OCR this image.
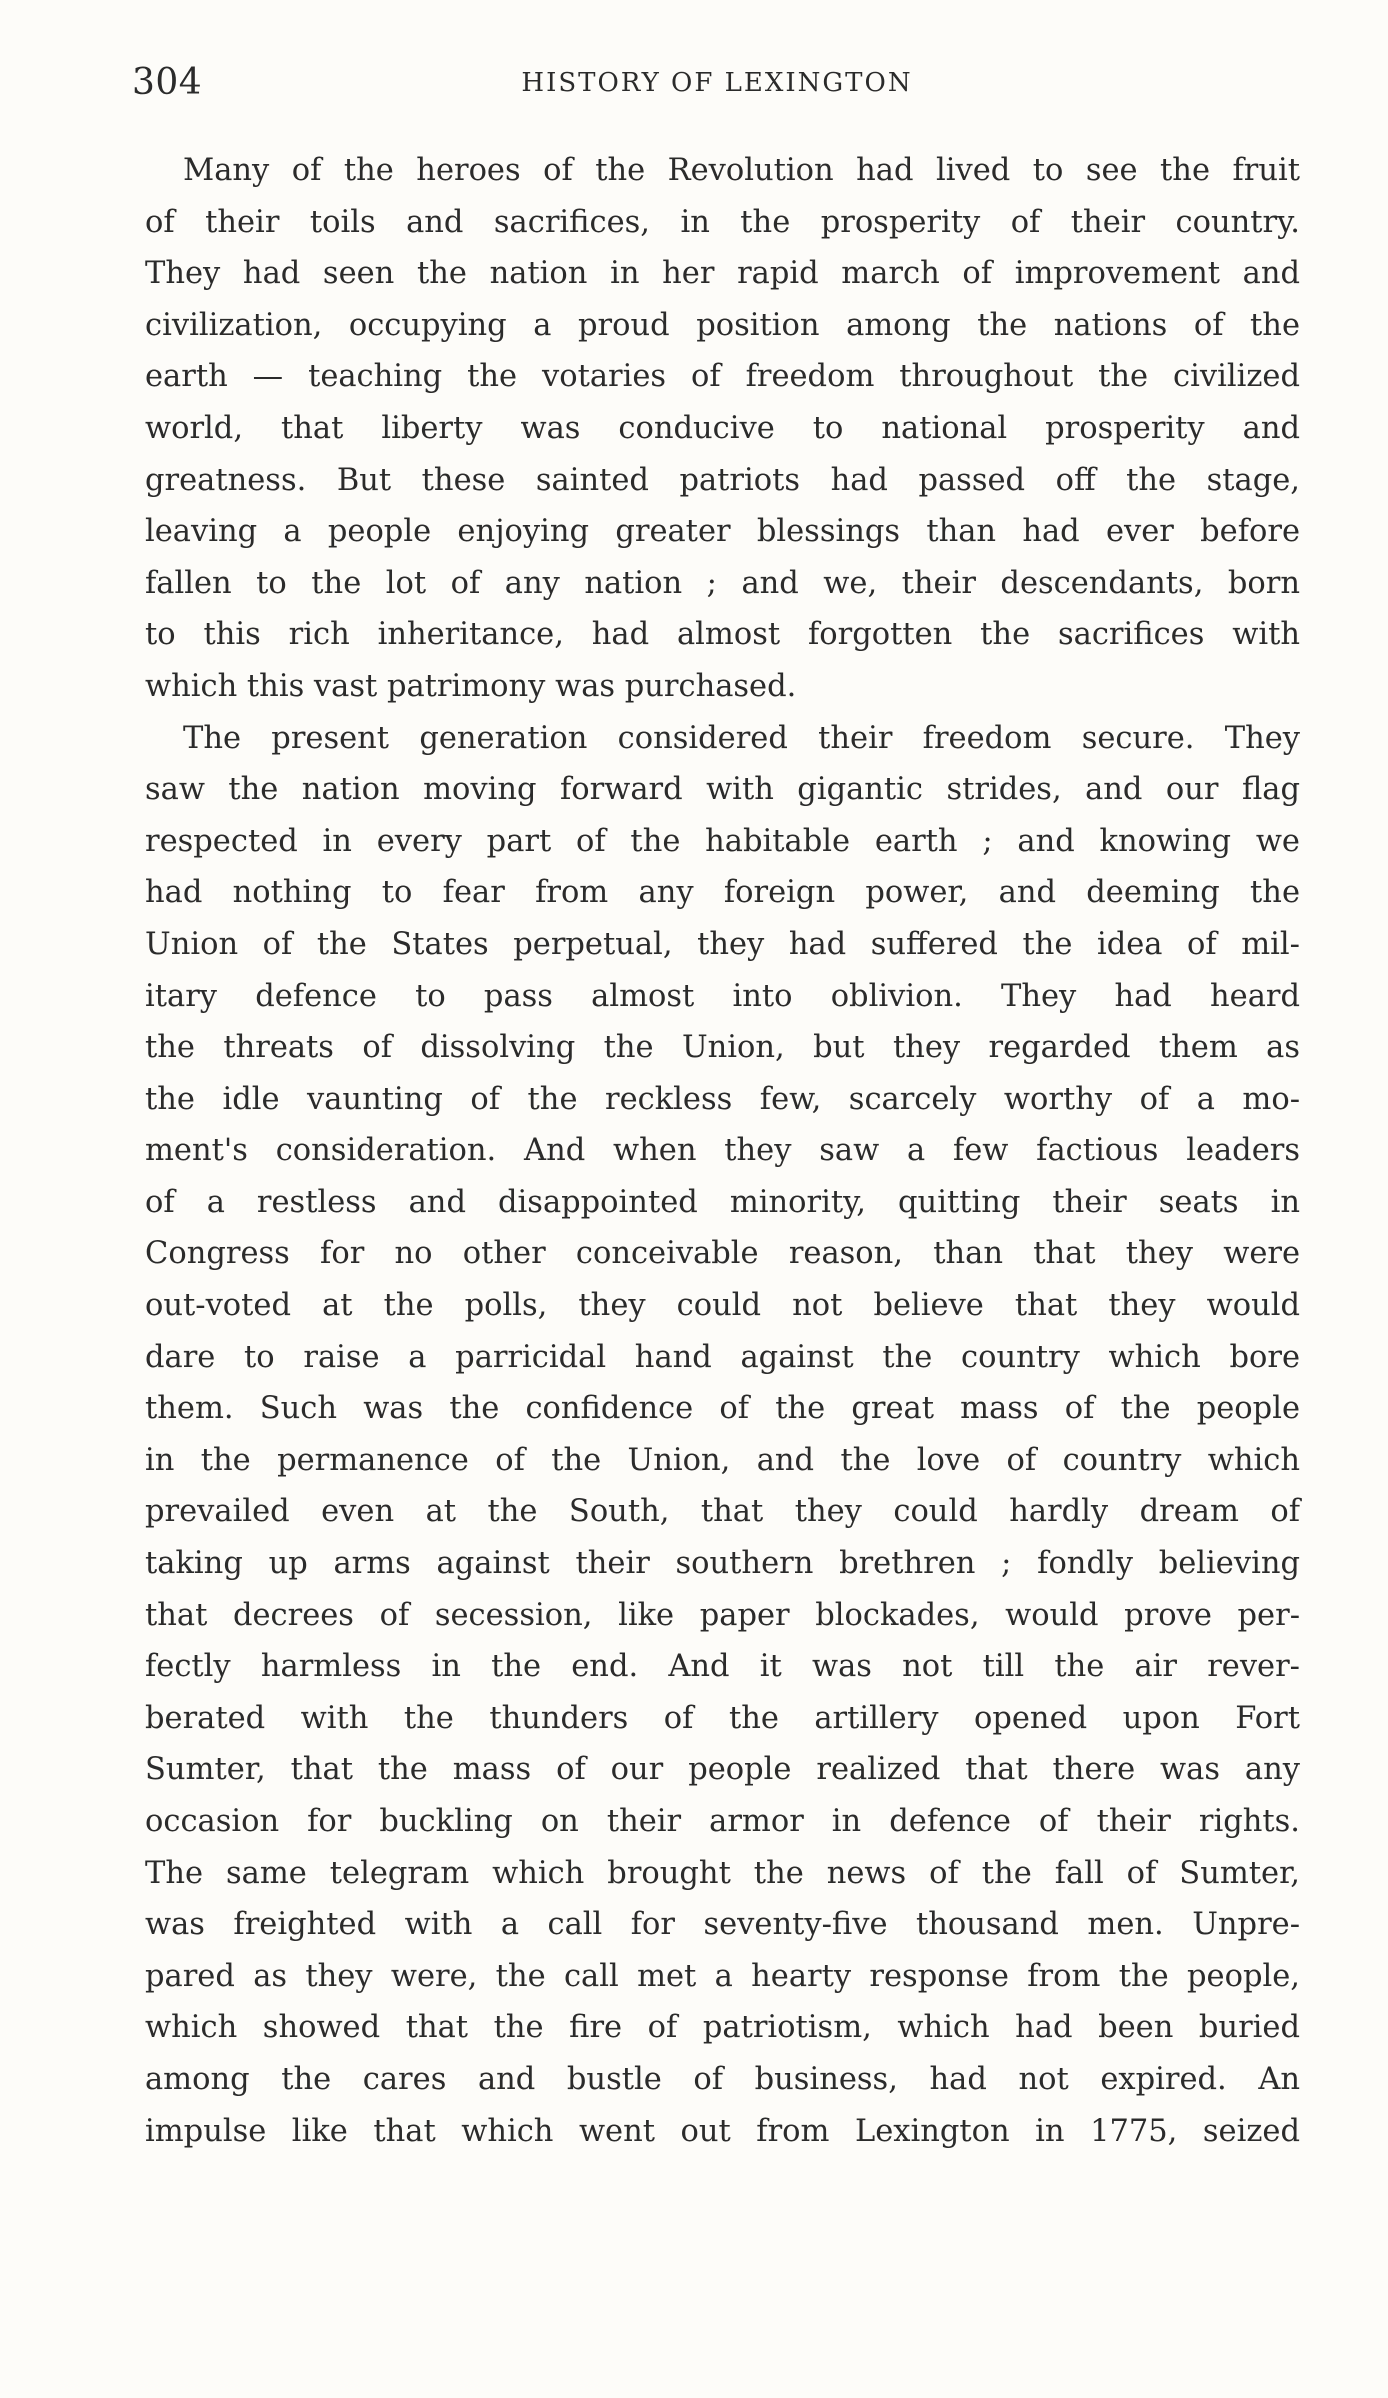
304	HISTORY OF LEXINGTON
Many of the heroes of the Revolution had lived to see the fruit
of their toils and sacrifices, in the prosperity of their country.
They had seen the nation in her rapid march of improvement and
civilization, occupying a proud position among the nations of the
earth — teaching the votaries of freedom throughout the civilized
world, that liberty was conducive to national prosperity and
greatness. But these sainted patriots had passed off the stage,
leaving a people enjoying greater blessings than had ever before
fallen to the lot of any nation ; and we, their descendants, born
to this rich inheritance, had almost forgotten the sacrifices with
which this vast patrimony was purchased.
The present generation considered their freedom secure. They
saw the nation moving forward with gigantic strides, and our flag
respected in every part of the habitable earth ; and knowing we
had nothing to fear from any foreign power, and deeming the
Union of the States perpetual, they had suffered the idea of mil-
itary defence to pass almost into oblivion. They had heard
the threats of dissolving the Union, but they regarded them as
the idle vaunting of the reckless few, scarcely worthy of a mo-
ment's consideration. And when they saw a few factious leaders
of a restless and disappointed minority, quitting their seats in
Congress for no other conceivable reason, than that they were
out-voted at the polls, they could not believe that they would
dare to raise a parricidal hand against the country which bore
them. Such was the confidence of the great mass of the people
in the permanence of the Union, and the love of country which
prevailed even at the South, that they could hardly dream of
taking up arms against their southern brethren ; fondly believing
that decrees of secession, like paper blockades, would prove per-
fectly harmless in the end. And it was not till the air rever-
berated with the thunders of the artillery opened upon Fort
Sumter, that the mass of our people realized that there was any
occasion for buckling on their armor in defence of their rights.
The same telegram which brought the news of the fall of Sumter,
was freighted with a call for seventy-five thousand men. Unpre-
pared as they were, the call met a hearty response from the people,
which showed that the fire of patriotism, which had been buried
among the cares and bustle of business, had not expired. An
impulse like that which went out from Lexington in 1775, seized
